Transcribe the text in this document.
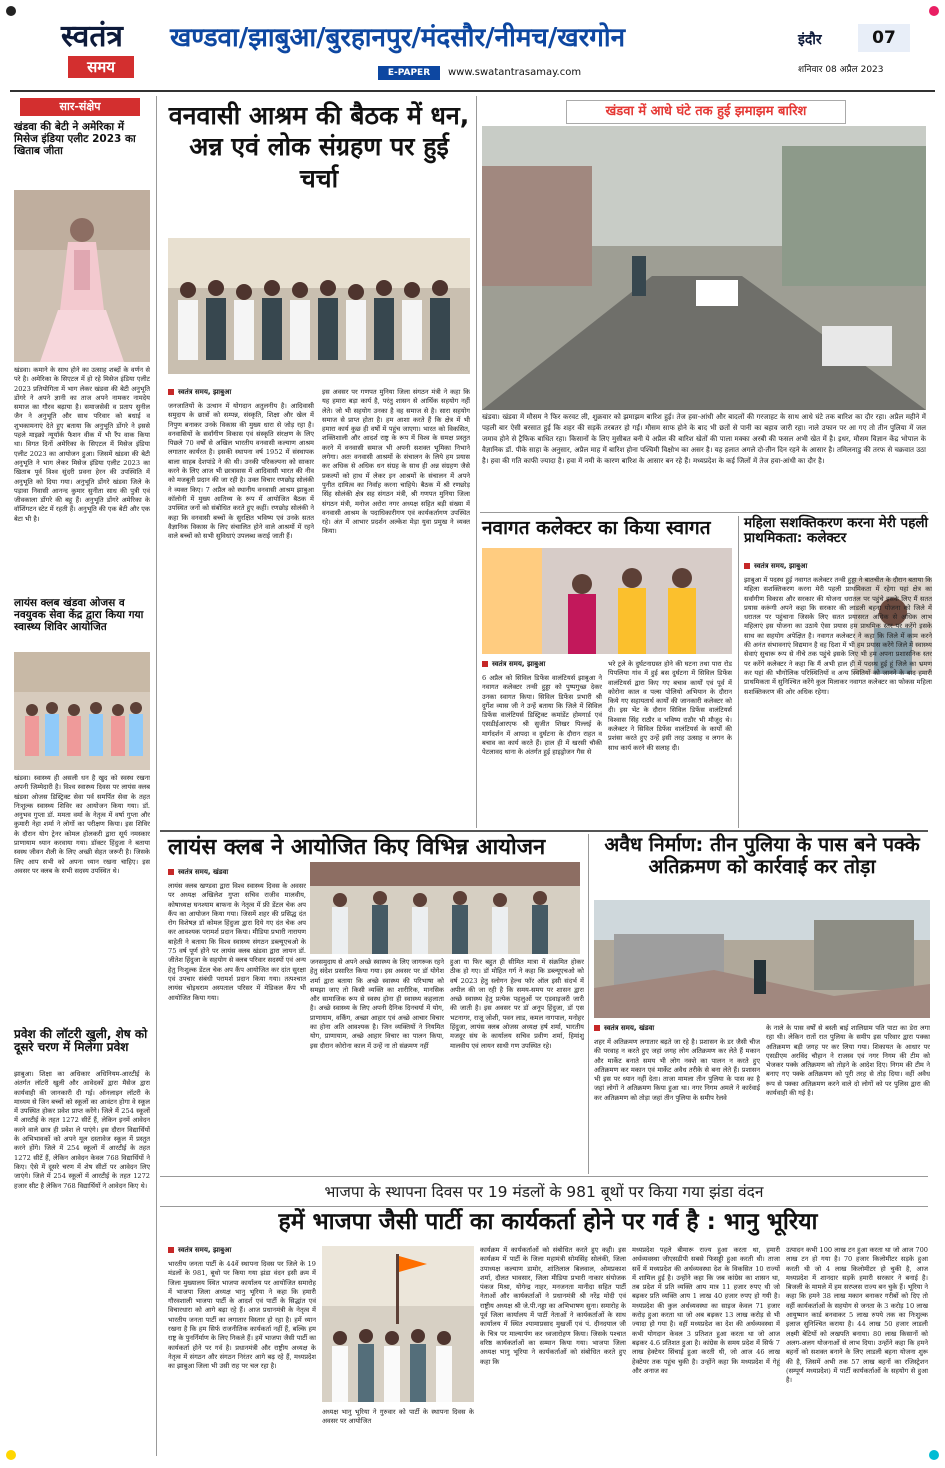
स्वतंत्र
समय
खण्डवा/झाबुआ/बुरहानपुर/मंदसौर/नीमच/खरगोन
E-PAPER	www.swatantrasamay.com
इंदौर	07
शनिवार 08 अप्रैल 2023
सार-संक्षेप
खंडवा की बेटी ने अमेरिका में मिसेज इंडिया एलीट 2023 का खिताब जीता
खंडवा। कमाने के साथ होने का उत्साह शब्दों के वर्णन से परे है। अमेरिका के सिएटल में हो रहे मिसेज इंडिया एलीट 2023 प्रतियोगिता में भाग लेकर खंडवा की बेटी अनुभूति डोंगरे ने अपने ज्ञानी का ताज अपने नामकर नामदेय समाज का गौरव बढ़ाया है। समाजसेवी व प्रताप सुनील जैन ने अनुभूति और साथ परिवार को बधाई व शुभकामनाएं देते हुए बताया कि अनुभूति डोंगरे ने इससे पहले माइक्रो न्यूयॉर्क फैशन वीक में भी रैंप वाक किया था। विगत दिनों अमेरिका के सिएटल में मिसेज इंडिया एलीट 2023 का आयोजन हुआ। जिसमें खंडवा की बेटी अनुभूति ने भाग लेकर मिसेज इंडिया एलीट 2023 का खिताब पूर्व विश्व सुंदरी प्रवना हेरन की उपस्थिति में अनुभूति को दिया गया। अनुभूति डोंगरे खंडवा जिले के पड़ावा निवासी आनन्द कुमार सुनीता साध की पुत्री एवं जीवकाला डोंगरे की बहू हैं। अनुभूति डोंगरे अमेरिका के वॉशिंगटन स्टेट में रहती हैं। अनुभूति की एक बेटी और एक बेटा भी है।
लायंस क्लब खंडवा ओजस व नवयुवक सेवा केंद्र द्वारा किया गया स्वास्थ्य शिविर आयोजित
खंडवा। स्वास्थ्य ही असली धन है खुद को स्वस्थ रखना अपनी जिम्मेदारी है। विश्व स्वास्थ्य दिवस पर लायंस क्लब खंडवा ओजस डिस्ट्रिक्ट सेवा पर्व समर्पित सेवा के तहत निःशुल्क स्वास्थ्य शिविर का आयोजन किया गया। डॉ. अनुभव गुप्ता डॉ. ममता वर्मा के नेतृत्व में वर्षा गुप्ता और कुमारी नेहा शर्मा ने लोगों का परीक्षण किया। इस शिविर के दौरान योग ट्रेनर कोमल होलकरी द्वारा सूर्य नमस्कार प्राणायाम ध्यान करवाया गया। डॉक्टर हिंदुजा ने बताया स्वस्थ जीवन शैली के लिए अच्छी सेहत जरूरी है। जिसके लिए आप सभी को अपना ध्यान रखना चाहिए। इस अवसर पर क्लब के सभी सदस्य उपस्थित थे।
प्रवेश की लॉटरी खुली, शेष को दूसरे चरण में मिलेगा प्रवेश
झाबुआ। शिक्षा का अधिकार अधिनियम-आरटीई के अंतर्गत लॉटरी खुली और आवेदकों द्वारा मैसेज द्वारा कार्यवाही की जानकारी दी गई। ऑनलाइन लॉटरी के माध्यम से जिन बच्चों को स्कूलों का आवंटन होगा वे स्कूल में उपस्थित होकर प्रवेश प्राप्त करेंगे। जिले में 254 स्कूलों में आरटीई के तहत 1272 सीटें हैं, लेकिन इनमें आवेदन करने वाले छात्र ही प्रवेश ले पाएंगे। इस दौरान विद्यार्थियों के अभिभावकों को अपने मूल दस्तावेज स्कूल में प्रस्तुत करने होंगे। जिले में 254 स्कूलों में आरटीई के तहत 1272 सीटें हैं, लेकिन आवेदन केवल 768 विद्यार्थियों ने किए। ऐसे में दूसरे चरण में शेष सीटों पर आवेदन लिए जाएंगे। जिले में 254 स्कूलों में आरटीई के तहत 1272 हजार सीट है लेकिन 768 विद्यार्थियों ने आवेदन किए थे।
वनवासी आश्रम की बैठक में धन, अन्न एवं लोक संग्रहण पर हुई चर्चा
स्वतंत्र समय, झाबुआ
जनजातियों के उत्थान में योगदान अतुलनीय है। आदिवासी समुदाय के छात्रों को सम्पन्न, संस्कृति, शिक्षा और खेल में निपुण बनाकर उनके विकास की मुख्य धारा से जोड़ रहा है। वनवासियों के सर्वांगीण विकास एवं संस्कृति संरक्षण के लिए पिछले 70 वर्षों से अखिल भारतीय वनवासी कल्याण आश्रम लगातार कार्यरत है। इसकी स्थापना वर्ष 1952 में संस्थापक बाला साहब देशपांडे ने की थी। उनकी परिकल्पना को साकार करने के लिए आज भी छात्रावास में आदिवासी भारत की नीव को मजबूती प्रदान की जा रही है। उक्त विचार रणछोड़ सोलंकी ने व्यक्त किए। 7 अप्रैल को स्थानीय वनवासी आश्रम झाबुआ कॉलोनी में मुख्य आतिथ्य के रूप में आयोजित बैठक में उपस्थित जनों को संबोधित करते हुए कहीं। रणछोड़ सोलंकी ने कहा कि वनवासी बच्चों के सुरक्षित भविष्य एवं उनके सतत वैज्ञानिक विकास के लिए संचालित होने वाले आश्रमों में रहने वाले बच्चों को सभी सुविधाएं उपलब्ध कराई जाती हैं।
इस अवसर पर गणपत मुनिया जिला संगठन मंत्री ने कहा कि यह हमारा बड़ा कार्य है, परंतु शासन से आर्थिक सहयोग नहीं लेते। जो भी सहयोग उनका है वह समाज से है। सारा सहयोग समाज से प्राप्त होता है। हम आशा करते हैं कि क्षेत्र में भी हमारा कार्य कुछ ही वर्षों में पहुंच जाएगा। भारत को विकसित, शक्तिशाली और आदर्श राष्ट्र के रूप में विश्व के समक्ष प्रस्तुत करने में वनवासी समाज भी अपनी सशक्त भूमिका निभाने लगेगा। अतः वनवासी आश्रमों के संचालन के लिये हम प्रयास कर अधिक से अधिक धन संग्रह के साथ ही अन्न संग्रहण जैसे प्रकल्पों को हाथ में लेकर इन आश्रमों के संचालन में अपने पुनीत दायित्व का निर्वाह करना चाहिये। बैठक में श्री रणछोड़ सिंह सोलंकी क्षेत्र सह संगठन मंत्री, श्री गणपत मुनिया जिला संगठन मंत्री, मनोज अरोरा नगर अध्यक्ष सहित बड़ी संख्या में वनवासी आश्रम के पदाधिकारीगण एवं कार्यकर्तागण उपस्थित रहे। अंत में आभार प्रदर्शन अल्केश मेड़ा युवा प्रमुख ने व्यक्त किया।
खंडवा में आधे घंटे तक हुई झमाझम बारिश
खंडवा। खंडवा में मौसम ने फिर करवट ली, शुक्रवार को झमाझम बारिश हुई। तेज हवा-आंधी और बादलों की गरजाहट के साथ आधे घंटे तक बारिश का दौर रहा। अप्रैल महीने में पहली बार ऐसी बरसात हुई कि शहर की सड़कें तरबतर हो गईं। मौसम साफ होने के बाद भी छतों से पानी का बहाव जारी रहा। नाले उफान पर आ गए तो तीन पुलिया में जल जमाव होने से ट्रैफिक बाधित रहा। किसानों के लिए मुसीबत बनी ये अप्रैल की बारिश खेतों की पाला मक्का अरबी की फसल अभी खेत में है। इधर, मौसम विज्ञान केंद्र भोपाल के वैज्ञानिक डॉ. पीके साहा के अनुसार, अप्रैल माह में बारिश होना पश्चिमी विक्षोभ का असर है। यह हलात अगले दो-तीन दिन रहने के आसार है। तमिलनाडु की तरफ से चक्रवात उठा है। हवा की गति काफी ज्यादा है। हवा में नमी के कारण बारिश के आसार बन रहे हैं। मध्यप्रदेश के कई जिलों में तेज हवा-आंधी का दौर है।
नवागत कलेक्टर का किया स्वागत
स्वतंत्र समय, झाबुआ
6 अप्रैल को सिविल डिफेंस वालंटियर्स झाबुआ ने नवागत कलेक्टर तन्वी हुड्डा को पुष्पगुच्छ देकर उनका स्वागत किया। सिविल डिफेंस प्रभारी श्री दुर्गेश व्यास जी ने उन्हें बताया कि जिले में सिविल डिफेंस वालंटियर्स डिस्ट्रिक्ट कमांडेंट होमगार्ड एवं एसडीईआरएफ श्री सुजीत शिखर पिल्लई के मार्गदर्शन में आपदा व दुर्घटना के दौरान राहत व बचाव का कार्य करते हैं। हाल ही में खरसी चौकी पेटलावद थाना के अंतर्गत हुई हाइड्रोजन गैस से
भरे ट्रले के दुर्घटनाग्रस्त होने की घटना तथा पारा रोड पिपलिया गांव में हुई बस दुर्घटना में सिविल डिफेंस वालंटियर्स द्वारा किए गए बचाव कार्यों एवं पूर्व में कोरोना काल व पल्स पोलियो अभियान के दौरान किये गए सहायतार्थ कार्यों की जानकारी कलेक्टर को दी। इस भेंट के दौरान सिविल डिफेंस वालंटियर्स विश्वास सिंह राठौर व भविष्य राठौर भी मौजूद थे। कलेक्टर ने सिविल डिफेंस वालंटियर्स के कार्यों की प्रशंसा करते हुए उन्हें इसी तरह उत्साह व लगन के साथ कार्य करने की सलाह दी।
महिला सशक्तिकरण करना मेरी पहली प्राथमिकता: कलेक्टर
स्वतंत्र समय, झाबुआ
झाबुआ में पदस्थ हुई नवागत कलेक्टर तन्वी हुड्डा ने बातचीत के दौरान बताया कि महिला सशक्तिकरण करना मेरी पहली प्राथमिकता में रहेगा यहां क्षेत्र का सर्वांगीण विकास और सरकार की योजना धरातल पर पहुंचे इसके लिए मैं सतत प्रयास करूंगी अपने कहा कि सरकार की लाडली बहना योजना को जिले में धरातल पर पहुंचाना जिसके लिए सतत प्रयासरत अधिक से अधिक लाभ महिलाएं इस योजना का उठाये ऐसा प्रयास हम प्राथमिक स्तर पर करेंगे इसके साथ का सहयोग अपेक्षित है। नवागत कलेक्टर ने कहा कि जिले में काम करने की अनंत संभावनाएं विद्यमान है वह दिशा में भी हम प्रयास करेंगे जिले में स्वास्थ्य सेवाएं सुचारू रूप से नीचे तक पहुंचे इसके लिए भी हम अपना प्रशासनिक स्तर पर करेंगे कलेक्टर ने कहा कि मैं अभी हाल ही में पदस्थ हुई हूं जिले का भ्रमण कर यहां की भौगोलिक परिस्थितियों व अन्य स्थितियों को जानने के बाद हमारी प्राथमिकता में सुनिश्चित करेंगे कुल मिलाकर नवागत कलेक्टर का फोकस महिला सशक्तिकरण की ओर अधिक रहेगा।
लायंस क्लब ने आयोजित किए विभिन्न आयोजन
स्वतंत्र समय, खंडवा
लायंस क्लब खण्डवा द्वारा विश्व स्वास्थ्य दिवस के अवसर पर अध्यक्ष अखिलेश गुप्ता सचिव राजीव मालवीय, कोषाध्यक्ष घनश्याम बाफना के नेतृत्व में फ्री डेंटल चेक अप कैंप का आयोजन किया गया। जिसमें शहर की प्रसिद्ध दंत रोग विशेषज्ञ डॉ कोमल हिंदुजा द्वारा दिये गए दंत चेक अप कर आवश्यक परामर्श प्रदान किया। मीडिया प्रभारी नारायण बाहेती ने बताया कि विश्व स्वास्थ्य संगठन डब्ल्यूएचओ के 75 वर्ष पूर्ण होने पर लायंस क्लब खंडवा द्वारा लायन डॉ. जीतेश हिंदुजा के सहयोग से क्लब परिवार सदस्यों एवं अन्य हेतु निःशुल्क डेंटल चेक अप कैंप आयोजित कर दांत सुरक्षा एवं उपचार संबंधी परामर्श प्रदान किया गया। तत्पश्चात लायंस चोइथराम अस्पताल परिसर में मेडिकल कैंप भी आयोजित किया गया।
जनसमुदाय से अपने अच्छे स्वास्थ्य के लिए जागरूक रहने हेतु संदेश प्रसारित किया गया। इस अवसर पर डॉ योगेश शर्मा द्वारा बताया कि अच्छे स्वास्थ्य की परिभाषा को समझा जाए तो किसी व्यक्ति का शारीरिक, मानसिक और सामाजिक रूप से स्वस्थ होना ही स्वास्थ्य कहलाता है। अच्छे स्वास्थ्य के लिए अपनी दैनिक दिनचर्या में योग, प्राणायाम, वर्किंग, अच्छा आहार एवं अच्छे आचार विचार का होना अति आवश्यक है। जिन व्यक्तियों ने नियमित योग, प्राणायाम, अच्छे आहार विचार का पालन किया, इस दौरान कोरोना काल में उन्हें ना तो संक्रमण नहीं
हुआ या फिर बहुत ही सीमित मात्रा में संक्रमित होकर ठीक हो गए। डॉ मोहित गर्ग ने कहा कि डब्ल्यूएचओ को वर्ष 2023 हेतु स्लोगन हेल्थ फॉर ऑल इसी संदर्भ में अपील की जा रही है कि समय-समय पर शासन द्वारा अच्छे स्वास्थ्य हेतु प्रत्येक पहलुओं पर एडवाइजरी जारी की जाती है। इस अवसर पर डॉ अनूप हिंदुजा, डॉ एस भटनागर, राजू जोशी, पवन लाड, कमल नागपाल, मनोहर हिंदुजा, लायंस क्लब ओजस अध्यक्ष हर्ष शर्मा, भारतीय मजदूर संघ के कार्यालय सचिव प्रवीण शर्मा, हिमांशु मालवीय एवं लायन साथी गण उपस्थित रहे।
अवैध निर्माण: तीन पुलिया के पास बने पक्के अतिक्रमण को कार्रवाई कर तोड़ा
स्वतंत्र समय, खंडवा
शहर में अतिक्रमण लगातार बढ़ते जा रहे है। प्रशासन के डर जैसी चीज की परवाह न करते हुए जहां जगह लोग अतिक्रमण कर लेते हैं मकान और मार्केट बनाते समय भी लोग नक्शे का पालन न करते हुए अतिक्रमण कर मकान एवं मार्केट अवैध तरीके से बना लेते हैं। प्रशासन भी इस पर ध्यान नहीं देता। ताजा मामला तीन पुलिया के पास का है जहां लोगों ने अतिक्रमण किया हुआ था। नगर निगम अमले ने कार्रवाई कर अतिक्रमण को तोड़ा जहां तीन पुलिया के समीप रेलवे
के नाले के पास वर्षों से बस्ती बाई शालिग्राम पति पाटा का डेरा लगा रहा थी। लेकिन रातों रात पुलिया के समीप इस परिवार द्वारा पक्का अतिक्रमण बड़ी जगह पर कर लिया गया। शिकायत के आधार पर एसडीएम अरविंद चौहान ने राजस्व एवं नगर निगम की टीम को भेजकर पक्के अतिक्रमण को तोड़ने के आदेश दिए। निगम की टीम ने बनाए गए पक्के अतिक्रमण को पूरी तरह से तोड़ दिया। वहीं अवैध रूप से पक्का अतिक्रमण करने वाले दो लोगों को पर पुलिस द्वारा की कार्यवाही की गई है।
भाजपा के स्थापना दिवस पर 19 मंडलों के 981 बूथों पर किया गया झंडा वंदन
हमें भाजपा जैसी पार्टी का कार्यकर्ता होने पर गर्व है : भानु भूरिया
स्वतंत्र समय, झाबुआ
भारतीय जनता पार्टी के 44वें स्थापना दिवस पर जिले के 19 मंडलों के 981, बूथो पर किया गया झंडा वंदन इसी क्रम में जिला मुख्यालय स्थित भाजपा कार्यालय पर आयोजित समारोह में भाजपा जिला अध्यक्ष भानु भूरिया ने कहा कि हमारी गौरवशाली भाजपा पार्टी के आदर्श एवं पार्टी के सिद्धांत एवं विचारधारा को आगे बढ़ा रहे हैं। आज प्रधानमंत्री के नेतृत्व में भारतीय जनता पार्टी का लगातार विस्तार हो रहा है। हमें ध्यान रखना है कि हम सिर्फ राजनीतिक कार्यकर्ता नहीं हैं, बल्कि हम राष्ट्र के पुनर्निर्माण के लिए निकले हैं। हमें भाजपा जैसी पार्टी का कार्यकर्ता होने पर गर्व है। प्रधानमंत्री और राष्ट्रीय अध्यक्ष के नेतृत्व में संगठन और संगठन निरंतर आगे बढ़ रहे हैं, मध्यप्रदेश का झाबुआ जिला भी उसी राह पर चल रहा है।
अध्यक्ष भानु भूरिया ने गुरुवार को पार्टी के स्थापना दिवस के अवसर पर आयोजित
कार्यक्रम में कार्यकर्ताओं को संबोधित करते हुए कही। इस कार्यक्रम में पार्टी के जिला महामंत्री सोमसिंह सोलंकी, जिला उपाध्यक्ष कल्याण डामोर, शांतिलाल बिलवाल, ओमप्रकाश शर्मा, दौलत भावसार, जिला मीडिया प्रभारी नाकार संयोजक पंकज मिश्रा, योगेन्द्र नाहर, मनजनता मानीदा सहित पार्टी नेताओं और कार्यकर्ताओं ने प्रधानमंत्री श्री नरेंद्र मोदी एवं राष्ट्रीय अध्यक्ष श्री जे.पी.नड्डा का अभिभाषण सुना। समारोह के पूर्व जिला कार्यालय में पार्टी नेताओं ने कार्यकर्ताओं के साथ कार्यालय में स्थित श्यामाप्रसाद मुखर्जी एवं पं. दीनदयाल जी के चित्र पर माल्यार्पण कर ध्वजारोहण किया। जिसके पश्चात वरिष्ठ कार्यकर्ताओं का सम्मान किया गया। भाजपा जिला अध्यक्ष भानु भूरिया ने कार्यकर्ताओं को संबोधित करते हुए कहा कि
मध्यप्रदेश पहले बीमारू राज्य हुआ करता था, हमारी अर्थव्यवस्था जीएसडीपी सबसे फिसड्डी हुआ करती थी। ताजा सर्वे में मध्यप्रदेश की अर्थव्यवस्था देश के विकसित 10 राज्यों में शामिल हुई है। उन्होंने कहा कि जब कांग्रेस का शासन था, तब प्रदेश में प्रति व्यक्ति आय मात्र 11 हजार रुपए थी जो बढ़कर प्रति व्यक्ति आय 1 लाख 40 हजार रुपए हो गयी है। मध्यप्रदेश की कुल अर्थव्यवस्था का साइज केवल 71 हजार करोड़ हुआ करता था जो अब बढ़कर 13 लाख करोड़ से भी ज्यादा हो गया है। वहीं मध्यप्रदेश का देश की अर्थव्यवस्था में कभी योगदान केवल 3 प्रतिशत हुआ करता था जो आज बढ़कर 4.6 प्रतिशत हुआ है। कांग्रेस के समय प्रदेश में सिर्फ 7 लाख हेक्टेयर सिंचाई हुआ करती थी, जो आज 46 लाख हेक्टेयर तक पहुंच चुकी है। उन्होंने कहा कि मध्यप्रदेश में गेहूं और अनाज का
उत्पादन कभी 100 लाख टन हुआ करता था जो आज 700 लाख टन हो गया है। 70 हजार किलोमीटर सड़के हुआ करती थी जो 4 लाख किलोमीटर हो चुकी है, आज मध्यप्रदेश में शानदार सड़कें हमारी सरकार ने बनाई है। बिजली के मामले में हम सरप्लस राज्य बन चुके हैं। भूरिया ने कहा कि हमने 38 लाख मकान बनाकर गरीबों को दिए तो वहीं कार्यकर्ताओं के सहयोग से जनता के 3 करोड़ 10 लाख आयुष्मान कार्ड बनवाकर 5 लाख रुपये तक का निःशुल्क इलाज सुनिश्चित कराया है। 44 लाख 50 हजार लाडली लक्ष्मी बेटियों को लखपति बनाया। 80 लाख किसानों को अलग-अलग योजनाओं से लाभ दिया। उन्होंने कहा कि हमने बहनों को सशक्त बनाने के लिए लाडली बहना योजना शुरू की है, जिसमें अभी तक 57 लाख बहनों का रजिस्ट्रेशन (सम्पूर्ण मध्यप्रदेश) में पार्टी कार्यकर्ताओं के सहयोग से हुआ है।
